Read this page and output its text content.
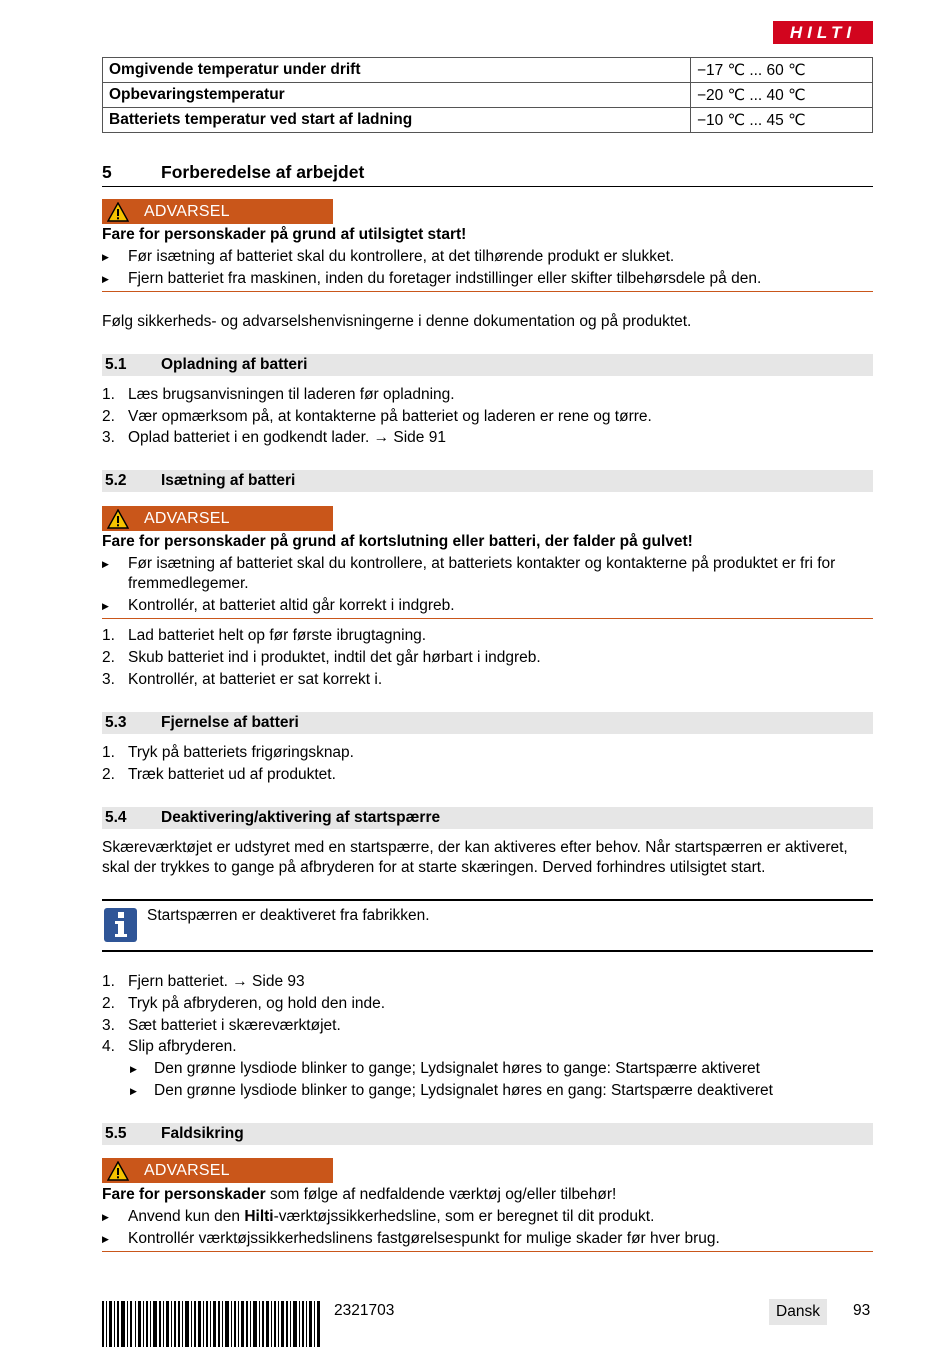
HILTI
Omgivende temperatur under drift	−17 ℃ ... 60 ℃
Opbevaringstemperatur	−20 ℃ ... 40 ℃
Batteriets temperatur ved start af ladning	−10 ℃ ... 45 ℃
5	Forberedelse af arbejdet
ADVARSEL
Fare for personskader på grund af utilsigtet start!
▶ Før isætning af batteriet skal du kontrollere, at det tilhørende produkt er slukket.
▶ Fjern batteriet fra maskinen, inden du foretager indstillinger eller skifter tilbehørsdele på den.
Følg sikkerheds- og advarselshenvisningerne i denne dokumentation og på produktet.
5.1 Opladning af batteri
1. Læs brugsanvisningen til laderen før opladning.
2. Vær opmærksom på, at kontakterne på batteriet og laderen er rene og tørre.
3. Oplad batteriet i en godkendt lader. → Side 91
5.2 Isætning af batteri
ADVARSEL
Fare for personskader på grund af kortslutning eller batteri, der falder på gulvet!
▶ Før isætning af batteriet skal du kontrollere, at batteriets kontakter og kontakterne på produktet er fri for
fremmedlegemer.
▶ Kontrollér, at batteriet altid går korrekt i indgreb.
1. Lad batteriet helt op før første ibrugtagning.
2. Skub batteriet ind i produktet, indtil det går hørbart i indgreb.
3. Kontrollér, at batteriet er sat korrekt i.
5.3 Fjernelse af batteri
1. Tryk på batteriets frigøringsknap.
2. Træk batteriet ud af produktet.
5.4 Deaktivering/aktivering af startspærre
Skæreværktøjet er udstyret med en startspærre, der kan aktiveres efter behov. Når startspærren er aktiveret,
skal der trykkes to gange på afbryderen for at starte skæringen. Derved forhindres utilsigtet start.
Startspærren er deaktiveret fra fabrikken.
1. Fjern batteriet. → Side 93
2. Tryk på afbryderen, og hold den inde.
3. Sæt batteriet i skæreværktøjet.
4. Slip afbryderen.
▶ Den grønne lysdiode blinker to gange; Lydsignalet høres to gange: Startspærre aktiveret
▶ Den grønne lysdiode blinker to gange; Lydsignalet høres en gang: Startspærre deaktiveret
5.5 Faldsikring
ADVARSEL
Fare for personskader som følge af nedfaldende værktøj og/eller tilbehør!
▶ Anvend kun den Hilti-værktøjssikkerhedsline, som er beregnet til dit produkt.
▶ Kontrollér værktøjssikkerhedslinens fastgørelsespunkt for mulige skader før hver brug.
2321703	Dansk	93
